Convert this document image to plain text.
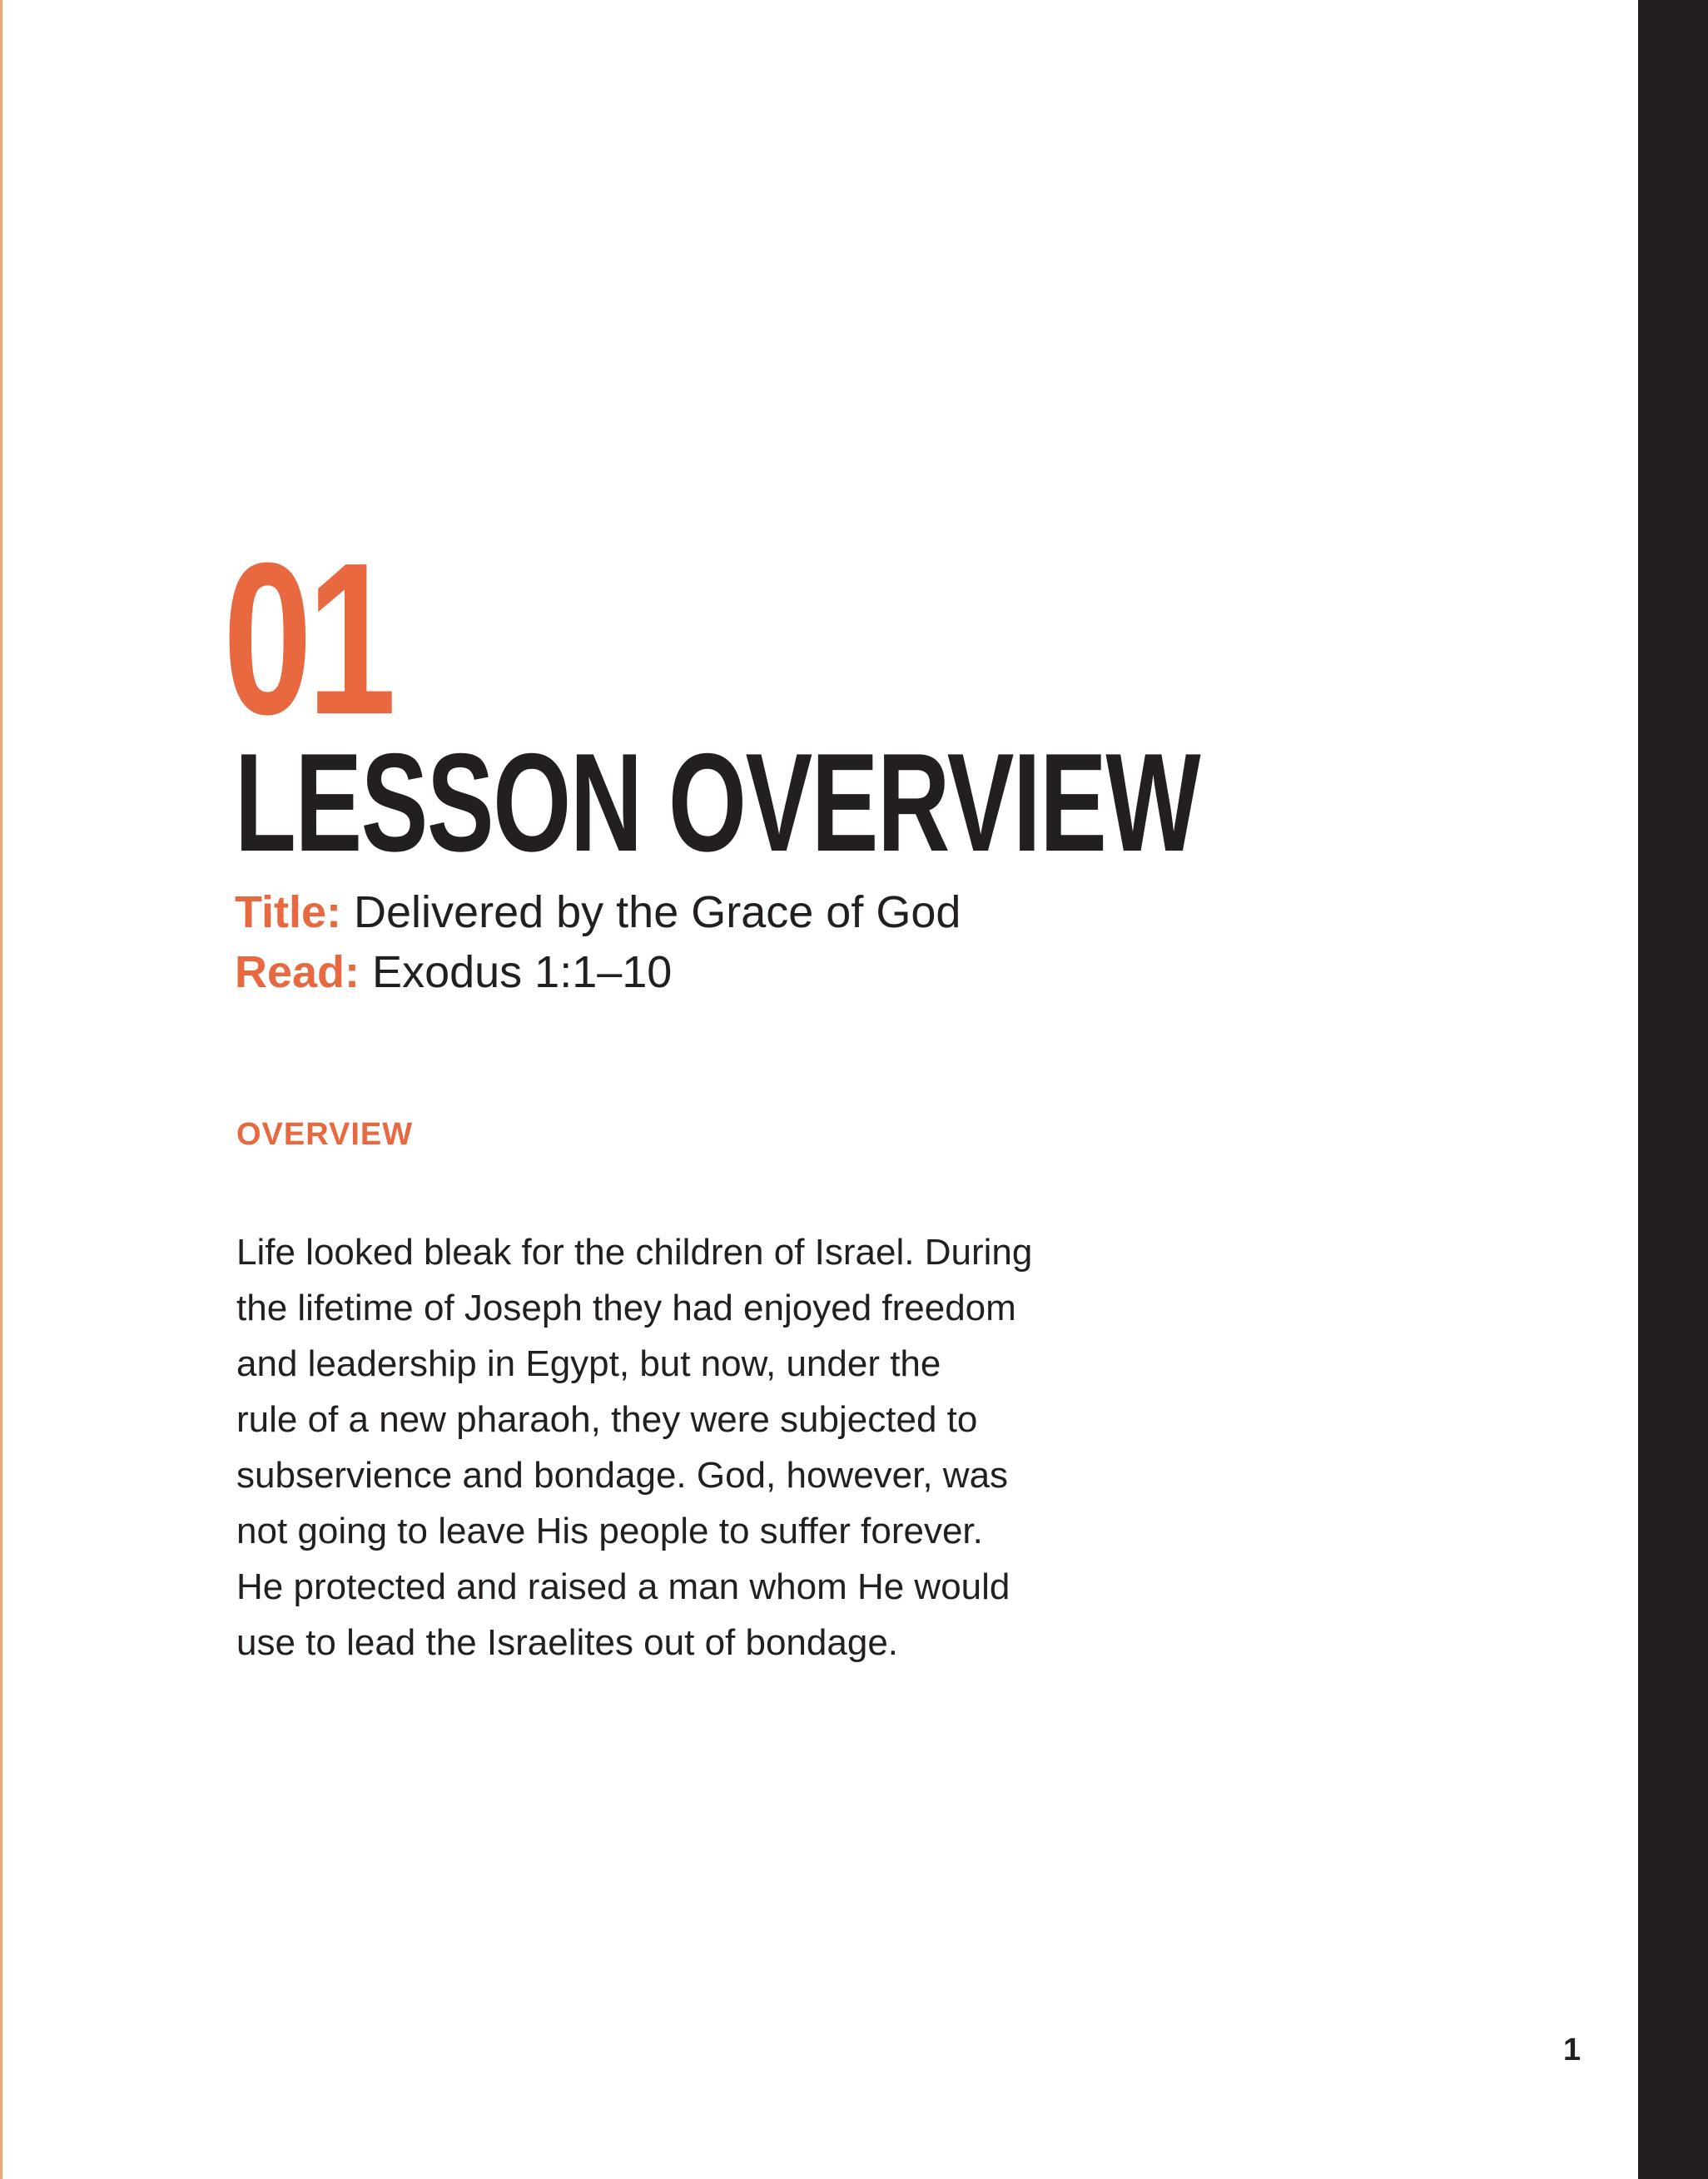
01
LESSON OVERVIEW

Title: Delivered by the Grace of God

Read: Exodus 1:1–10

OVERVIEW

Life looked bleak for the children of Israel. During
the lifetime of Joseph they had enjoyed freedom
and leadership in Egypt, but now, under the
rule of a new pharaoh, they were subjected to
subservience and bondage. God, however, was
not going to leave His people to suffer forever.
He protected and raised a man whom He would
use to lead the Israelites out of bondage.

1
